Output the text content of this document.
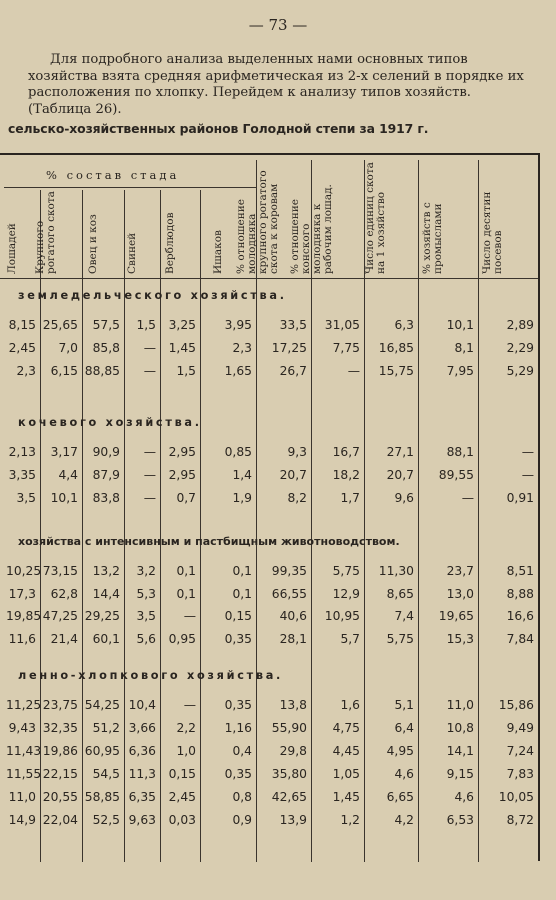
— 73 —
Для подробного анализа выделенных нами основных типов хозяйства взята средняя арифметическая из 2-х селений в порядке их расположения по хлопку. Перейдем к анализу типов хозяйств. (Таблица 26).
сельско-хозяйственных районов Голодной степи за 1917 г.
% состав стада
Лошадей Крупного рогатого скота	Овец и коз	Свиней Верблюдов	Ишаков % отношение молодняка крупного рогатого скота к коровам % отношение конского молодняка к рабочим лошад.	Число единиц скота на 1 хозяйство	% хозяйств с промыслами	Число десятин посевов
земледельческого хозяйства.
8,15 25,65	57,5	1,5	3,25	3,95	33,5	31,05	6,3	10,1	2,89
2,45	7,0	85,8	—	1,45	2,3	17,25	7,75	16,85	8,1	2,29
2,3	6,15 88,85	—	1,5	1,65	26,7	—	15,75	7,95	5,29
кочевого хозяйства.
2,13	3,17	90,9	—	2,95	0,85	9,3	16,7	27,1	88,1	—
3,35	4,4	87,9	—	2,95	1,4	20,7	18,2	20,7	89,55	—
3,5	10,1	83,8	—	0,7	1,9	8,2	1,7	9,6	—	0,91
хозяйства с интенсивным и пастбищным животноводством.
10,25 73,15	13,2	3,2	0,1	0,1	99,35	5,75	11,30	23,7	8,51
17,3	62,8	14,4	5,3	0,1	0,1	66,55	12,9	8,65	13,0	8,88
19,85 47,25 29,25	3,5	—	0,15	40,6	10,95	7,4	19,65	16,6
11,6	21,4	60,1	5,6	0,95	0,35	28,1	5,7	5,75	15,3	7,84
ленно-хлопкового хозяйства.
11,25 23,75 54,25 10,4	—	0,35	13,8	1,6	5,1	11,0	15,86
9,43 32,35	51,2 3,66	2,2	1,16	55,90	4,75	6,4	10,8	9,49
11,43 19,86 60,95 6,36	1,0	0,4	29,8	4,45	4,95	14,1	7,24
11,55 22,15	54,5 11,3	0,15	0,35	35,80	1,05	4,6	9,15	7,83
11,0 20,55 58,85 6,35	2,45	0,8	42,65	1,45	6,65	4,6	10,05
14,9 22,04	52,5 9,63	0,03	0,9	13,9	1,2	4,2	6,53	8,72
